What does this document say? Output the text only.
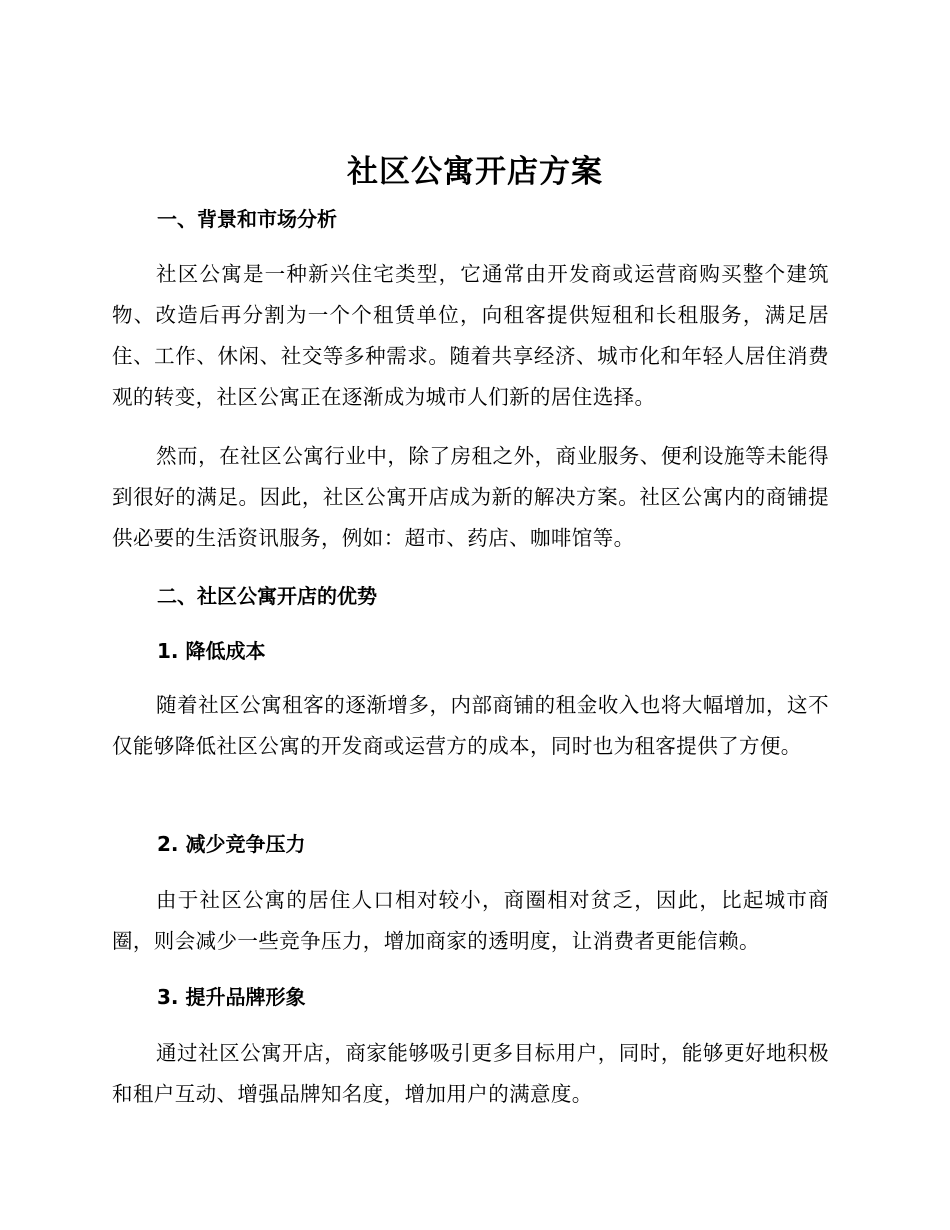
社区公寓开店方案
一、背景和市场分析

社区公寓是一种新兴住宅类型，它通常由开发商或运营商购买整个建筑物、改造后再分割为一个个租赁单位，向租客提供短租和长租服务，满足居住、工作、休闲、社交等多种需求。随着共享经济、城市化和年轻人居住消费观的转变，社区公寓正在逐渐成为城市人们新的居住选择。

然而，在社区公寓行业中，除了房租之外，商业服务、便利设施等未能得到很好的满足。因此，社区公寓开店成为新的解决方案。社区公寓内的商铺提供必要的生活资讯服务，例如：超市、药店、咖啡馆等。

二、社区公寓开店的优势
1. 降低成本

随着社区公寓租客的逐渐增多，内部商铺的租金收入也将大幅增加，这不仅能够降低社区公寓的开发商或运营方的成本，同时也为租客提供了方便。

2. 减少竞争压力

由于社区公寓的居住人口相对较小，商圈相对贫乏，因此，比起城市商圈，则会减少一些竞争压力，增加商家的透明度，让消费者更能信赖。

3. 提升品牌形象

通过社区公寓开店，商家能够吸引更多目标用户，同时，能够更好地积极和租户互动、增强品牌知名度，增加用户的满意度。
